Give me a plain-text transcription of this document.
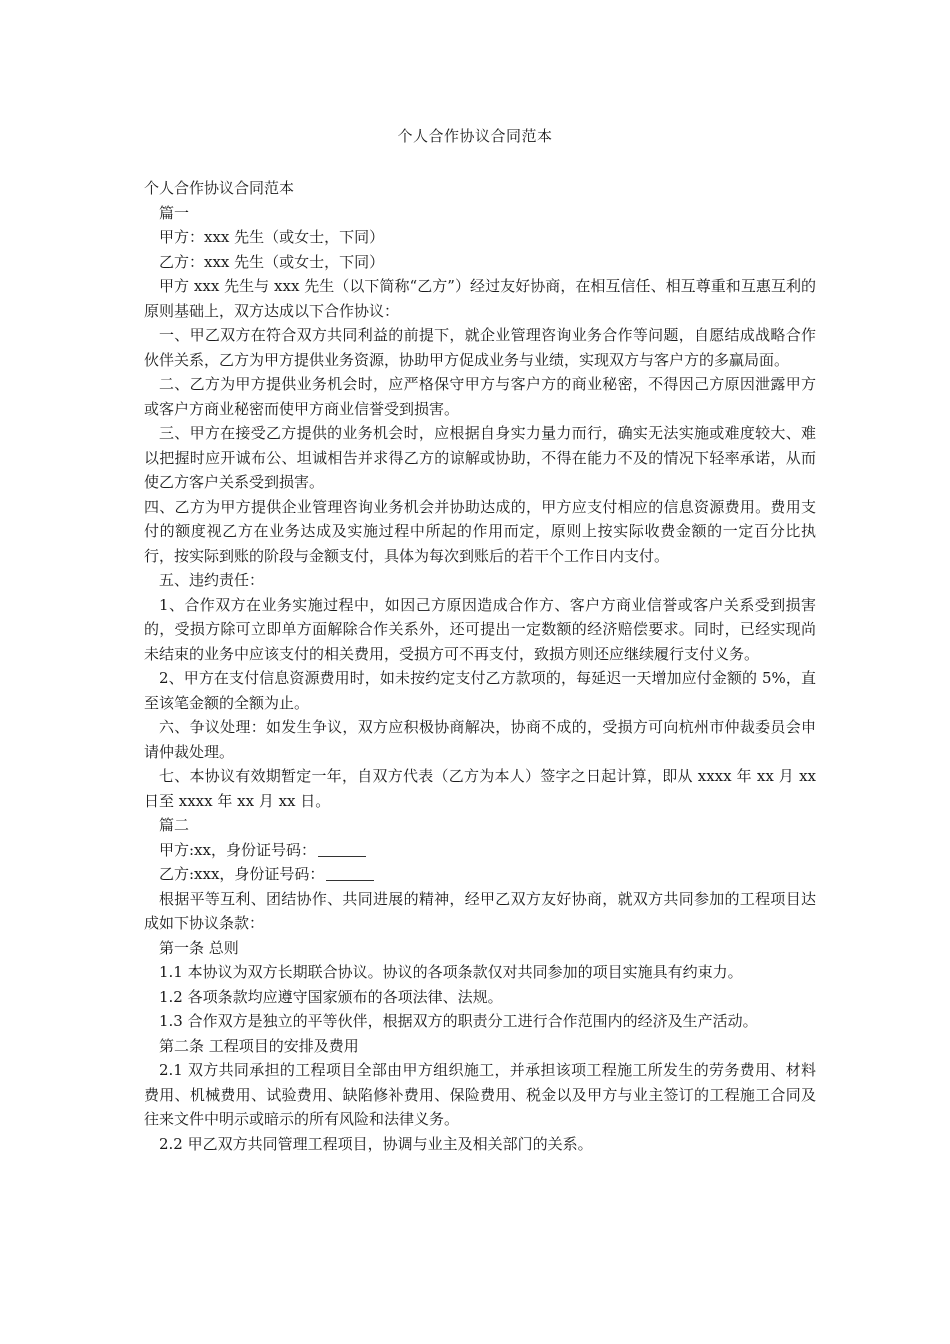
个人合作协议合同范本

个人合作协议合同范本

篇一

甲方：xxx 先生（或女士，下同）

乙方：xxx 先生（或女士，下同）

甲方 xxx 先生与 xxx 先生（以下简称“乙方”）经过友好协商，在相互信任、相互尊重和互惠互利的原则基础上，双方达成以下合作协议：

一、甲乙双方在符合双方共同利益的前提下，就企业管理咨询业务合作等问题，自愿结成战略合作伙伴关系，乙方为甲方提供业务资源，协助甲方促成业务与业绩，实现双方与客户方的多赢局面。

二、乙方为甲方提供业务机会时，应严格保守甲方与客户方的商业秘密，不得因己方原因泄露甲方或客户方商业秘密而使甲方商业信誉受到损害。

三、甲方在接受乙方提供的业务机会时，应根据自身实力量力而行，确实无法实施或难度较大、难以把握时应开诚布公、坦诚相告并求得乙方的谅解或协助，不得在能力不及的情况下轻率承诺，从而使乙方客户关系受到损害。

四、乙方为甲方提供企业管理咨询业务机会并协助达成的，甲方应支付相应的信息资源费用。费用支付的额度视乙方在业务达成及实施过程中所起的作用而定，原则上按实际收费金额的一定百分比执行，按实际到账的阶段与金额支付，具体为每次到账后的若干个工作日内支付。

五、违约责任：

1、合作双方在业务实施过程中，如因己方原因造成合作方、客户方商业信誉或客户关系受到损害的，受损方除可立即单方面解除合作关系外，还可提出一定数额的经济赔偿要求。同时，已经实现尚未结束的业务中应该支付的相关费用，受损方可不再支付，致损方则还应继续履行支付义务。

2、甲方在支付信息资源费用时，如未按约定支付乙方款项的，每延迟一天增加应付金额的 5%，直至该笔金额的全额为止。

六、争议处理：如发生争议，双方应积极协商解决，协商不成的，受损方可向杭州市仲裁委员会申请仲裁处理。

七、本协议有效期暂定一年，自双方代表（乙方为本人）签字之日起计算，即从 xxxx 年 xx 月 xx 日至 xxxx 年 xx 月 xx 日。

篇二

甲方:xx，身份证号码：

乙方:xxx，身份证号码：

根据平等互利、团结协作、共同进展的精神，经甲乙双方友好协商，就双方共同参加的工程项目达成如下协议条款：

第一条 总则

1.1 本协议为双方长期联合协议。协议的各项条款仅对共同参加的项目实施具有约束力。

1.2 各项条款均应遵守国家颁布的各项法律、法规。

1.3 合作双方是独立的平等伙伴，根据双方的职责分工进行合作范围内的经济及生产活动。

第二条 工程项目的安排及费用

2.1 双方共同承担的工程项目全部由甲方组织施工，并承担该项工程施工所发生的劳务费用、材料费用、机械费用、试验费用、缺陷修补费用、保险费用、税金以及甲方与业主签订的工程施工合同及往来文件中明示或暗示的所有风险和法律义务。

2.2 甲乙双方共同管理工程项目，协调与业主及相关部门的关系。
